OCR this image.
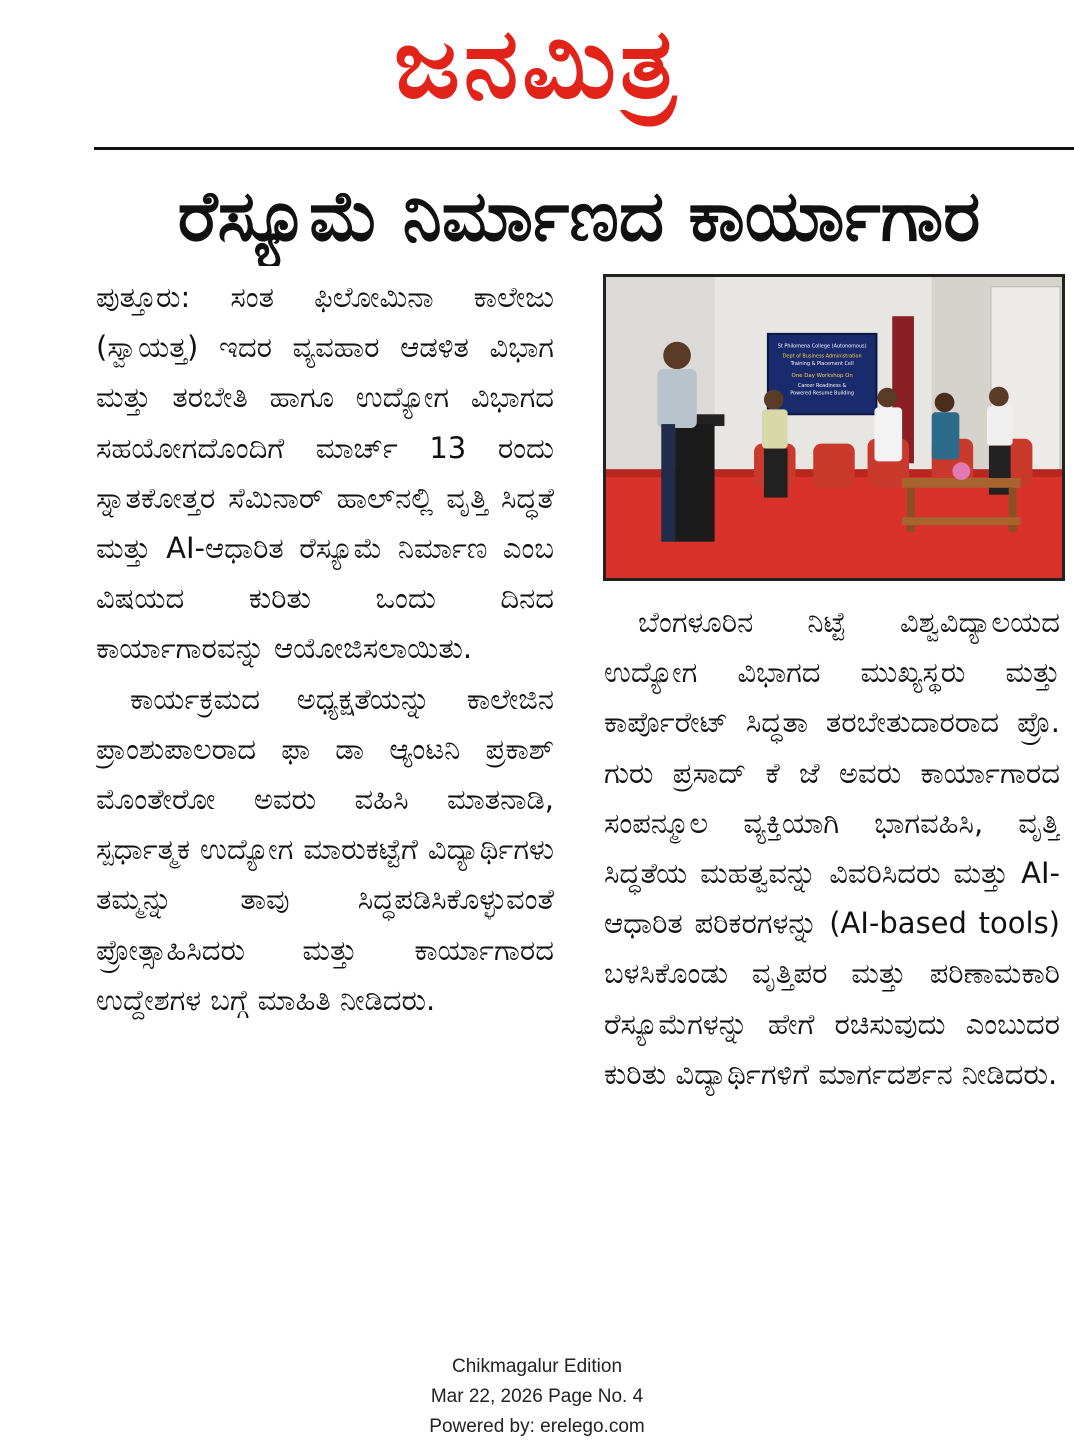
ಜನಮಿತ್ರ
ರೆಸ್ಯೂಮೆ ನಿರ್ಮಾಣದ ಕಾರ್ಯಾಗಾರ

ಪುತ್ತೂರು: ಸಂತ ಫಿಲೋಮಿನಾ ಕಾಲೇಜು (ಸ್ವಾಯತ್ತ) ಇದರ ವ್ಯವಹಾರ ಆಡಳಿತ ವಿಭಾಗ ಮತ್ತು ತರಬೇತಿ ಹಾಗೂ ಉದ್ಯೋಗ ವಿಭಾಗದ ಸಹಯೋಗದೊಂದಿಗೆ ಮಾರ್ಚ್ 13 ರಂದು ಸ್ನಾತಕೋತ್ತರ ಸೆಮಿನಾರ್ ಹಾಲ್‌ನಲ್ಲಿ ವೃತ್ತಿ ಸಿದ್ಧತೆ ಮತ್ತು AI-ಆಧಾರಿತ ರೆಸ್ಯೂಮೆ ನಿರ್ಮಾಣ ಎಂಬ ವಿಷಯದ ಕುರಿತು ಒಂದು ದಿನದ ಕಾರ್ಯಾಗಾರವನ್ನು ಆಯೋಜಿಸಲಾಯಿತು.

ಕಾರ್ಯಕ್ರಮದ ಅಧ್ಯಕ್ಷತೆಯನ್ನು ಕಾಲೇಜಿನ ಪ್ರಾಂಶುಪಾಲರಾದ ಫಾ ಡಾ ಆ್ಯಂಟನಿ ಪ್ರಕಾಶ್ ಮೊಂತೇರೋ ಅವರು ವಹಿಸಿ ಮಾತನಾಡಿ, ಸ್ಪರ್ಧಾತ್ಮಕ ಉದ್ಯೋಗ ಮಾರುಕಟ್ಟೆಗೆ ವಿದ್ಯಾರ್ಥಿಗಳು ತಮ್ಮನ್ನು ತಾವು ಸಿದ್ಧಪಡಿಸಿಕೊಳ್ಳುವಂತೆ ಪ್ರೋತ್ಸಾಹಿಸಿದರು ಮತ್ತು ಕಾರ್ಯಾಗಾರದ ಉದ್ದೇಶಗಳ ಬಗ್ಗೆ ಮಾಹಿತಿ ನೀಡಿದರು.

St Philomena College (Autonomous)
Dept of Business Administration
Training & Placement Cell
One Day Workshop On
Career Readiness &
Powered Resume Building

ಬೆಂಗಳೂರಿನ ನಿಟ್ಟೆ ವಿಶ್ವವಿದ್ಯಾಲಯದ ಉದ್ಯೋಗ ವಿಭಾಗದ ಮುಖ್ಯಸ್ಥರು ಮತ್ತು ಕಾರ್ಪೊರೇಟ್ ಸಿದ್ಧತಾ ತರಬೇತುದಾರರಾದ ಪ್ರೊ. ಗುರು ಪ್ರಸಾದ್ ಕೆ ಜೆ ಅವರು ಕಾರ್ಯಾಗಾರದ ಸಂಪನ್ಮೂಲ ವ್ಯಕ್ತಿಯಾಗಿ ಭಾಗವಹಿಸಿ, ವೃತ್ತಿ ಸಿದ್ಧತೆಯ ಮಹತ್ವವನ್ನು ವಿವರಿಸಿದರು ಮತ್ತು AI-ಆಧಾರಿತ ಪರಿಕರಗಳನ್ನು (AI-based tools) ಬಳಸಿಕೊಂಡು ವೃತ್ತಿಪರ ಮತ್ತು ಪರಿಣಾಮಕಾರಿ ರೆಸ್ಯೂಮೆಗಳನ್ನು ಹೇಗೆ ರಚಿಸುವುದು ಎಂಬುದರ ಕುರಿತು ವಿದ್ಯಾರ್ಥಿಗಳಿಗೆ ಮಾರ್ಗದರ್ಶನ ನೀಡಿದರು.

Chikmagalur Edition
Mar 22, 2026 Page No. 4
Powered by: erelego.com
